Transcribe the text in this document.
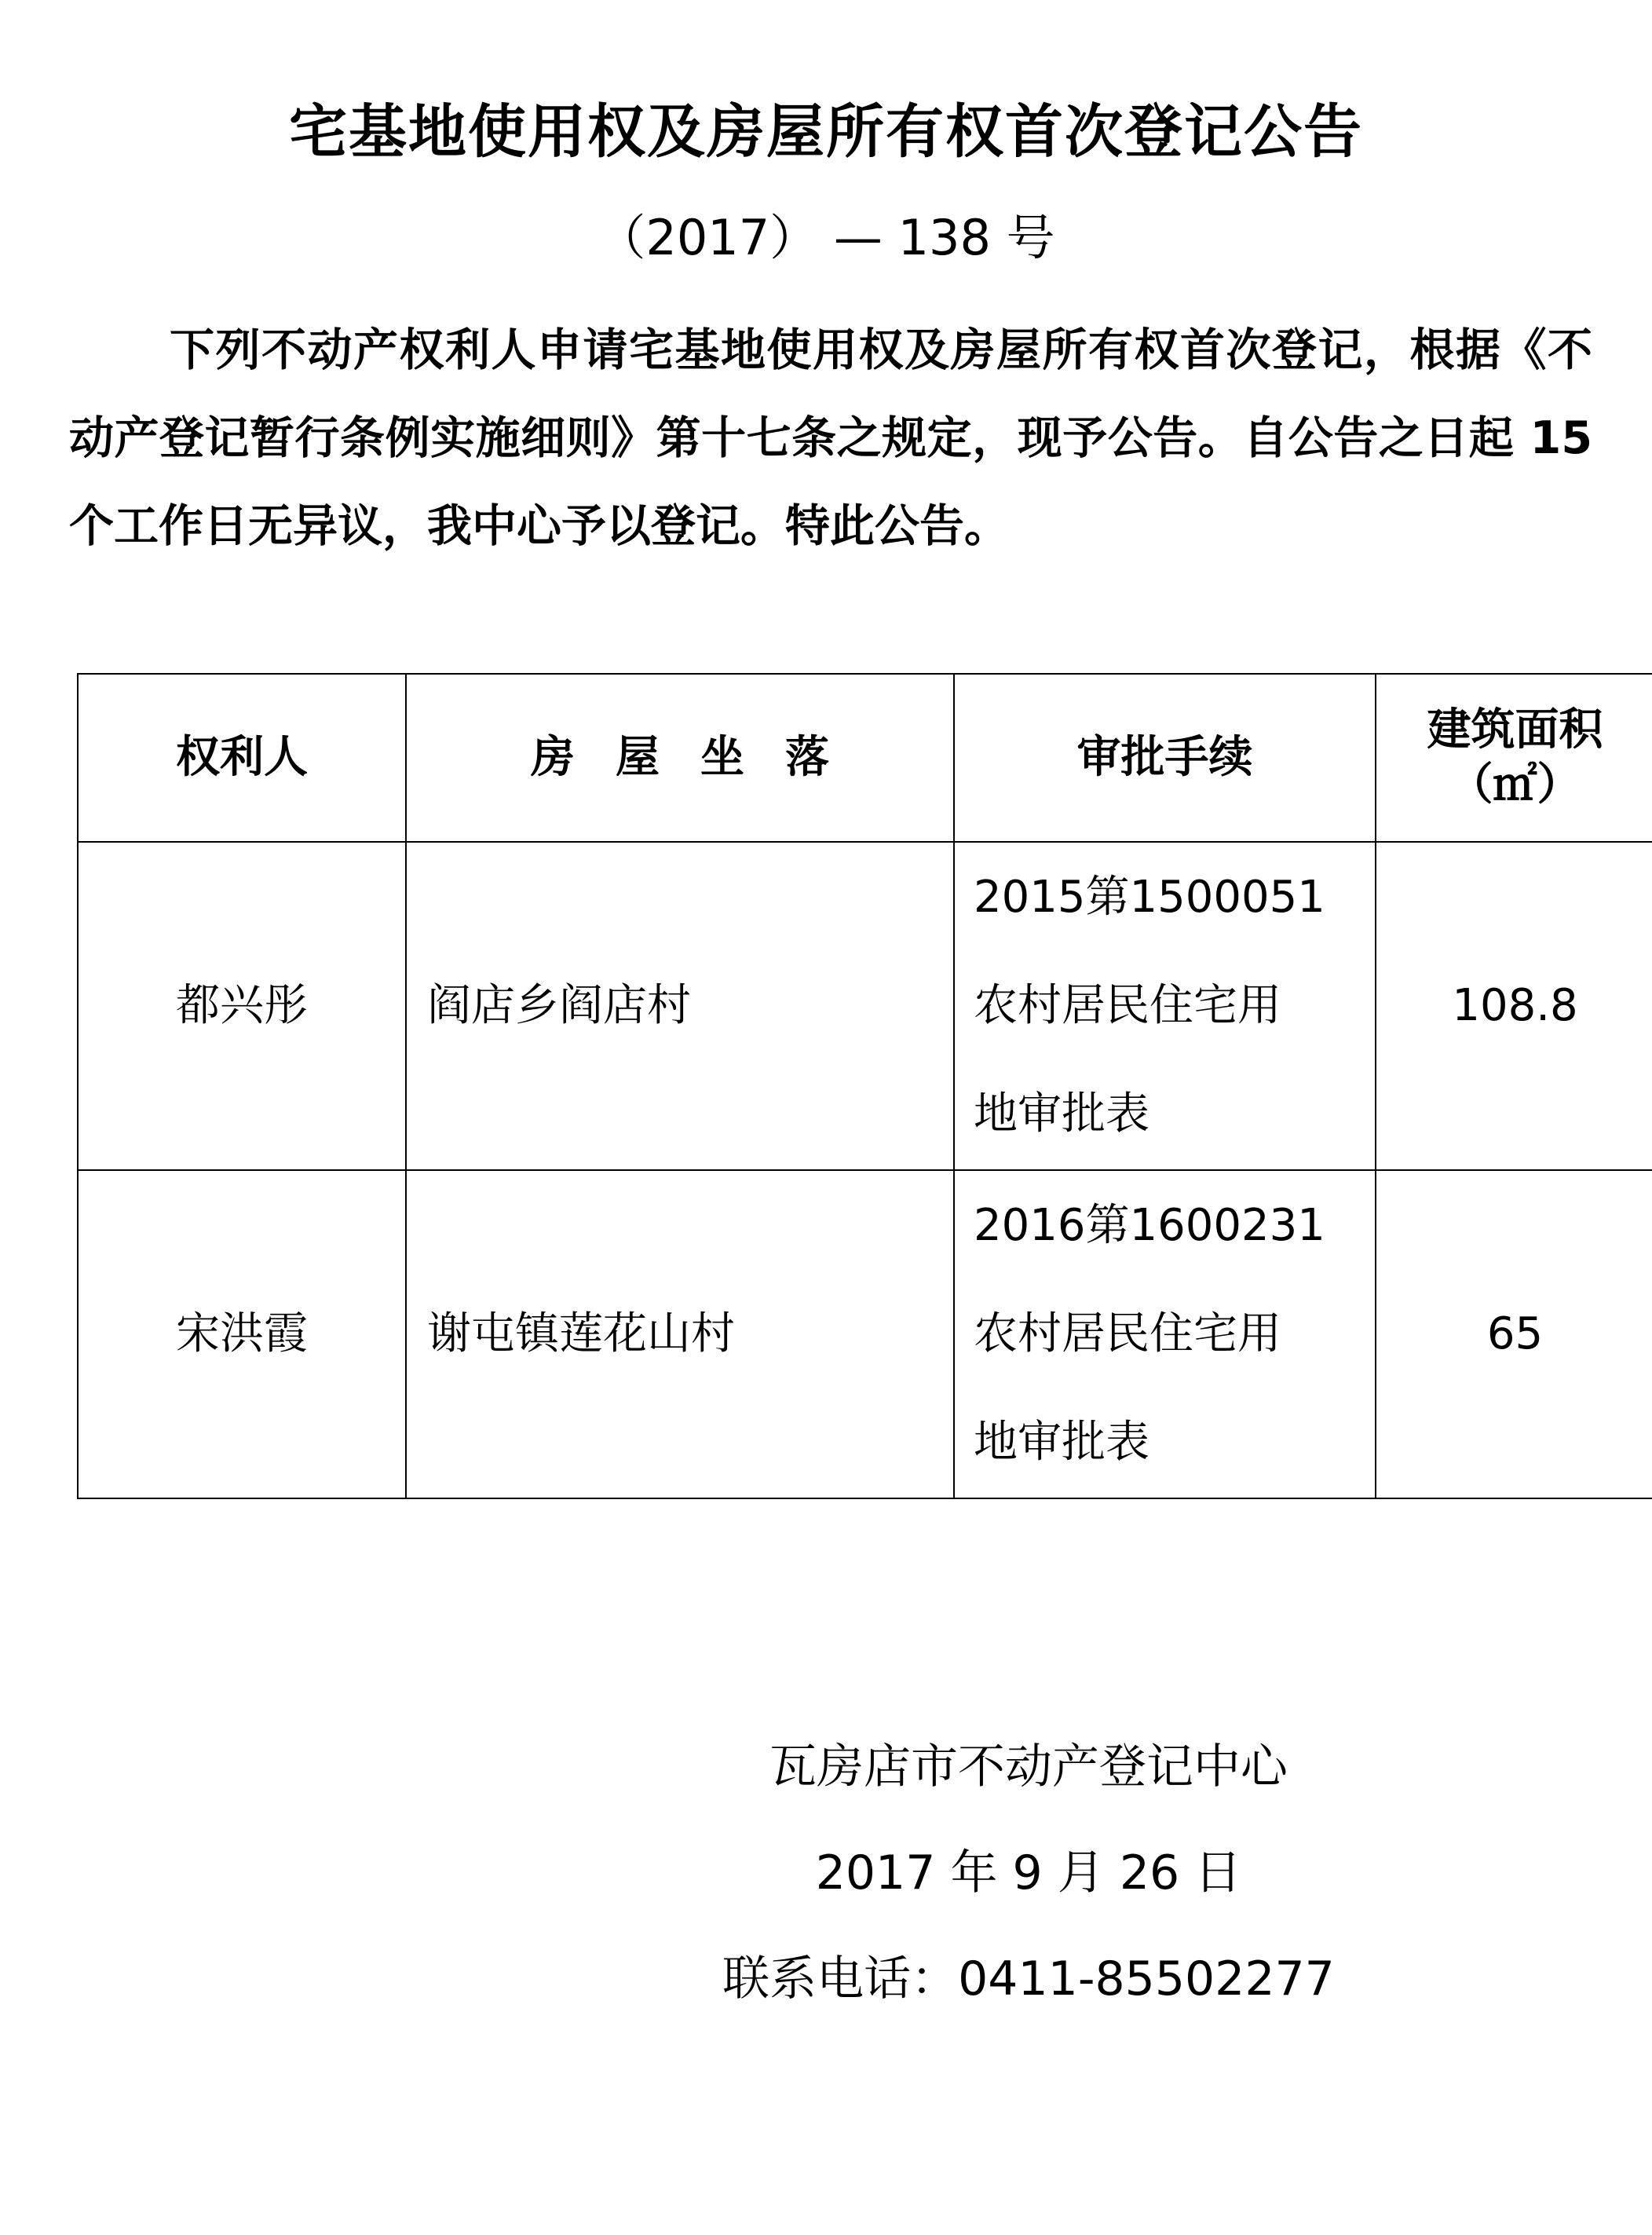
宅基地使用权及房屋所有权首次登记公告
（2017） — 138 号
下列不动产权利人申请宅基地使用权及房屋所有权首次登记，根据《不动产登记暂行条例实施细则》第十七条之规定，现予公告。自公告之日起 15 个工作日无异议，我中心予以登记。特此公告。
权利人	房 屋 坐 落	审批手续	建筑面积
（㎡）

都兴彤	阎店乡阎店村	2015第1500051
农村居民住宅用
地审批表	108.8
宋洪霞	谢屯镇莲花山村	2016第1600231
农村居民住宅用
地审批表	65
瓦房店市不动产登记中心
2017 年 9 月 26 日
联系电话：0411-85502277
